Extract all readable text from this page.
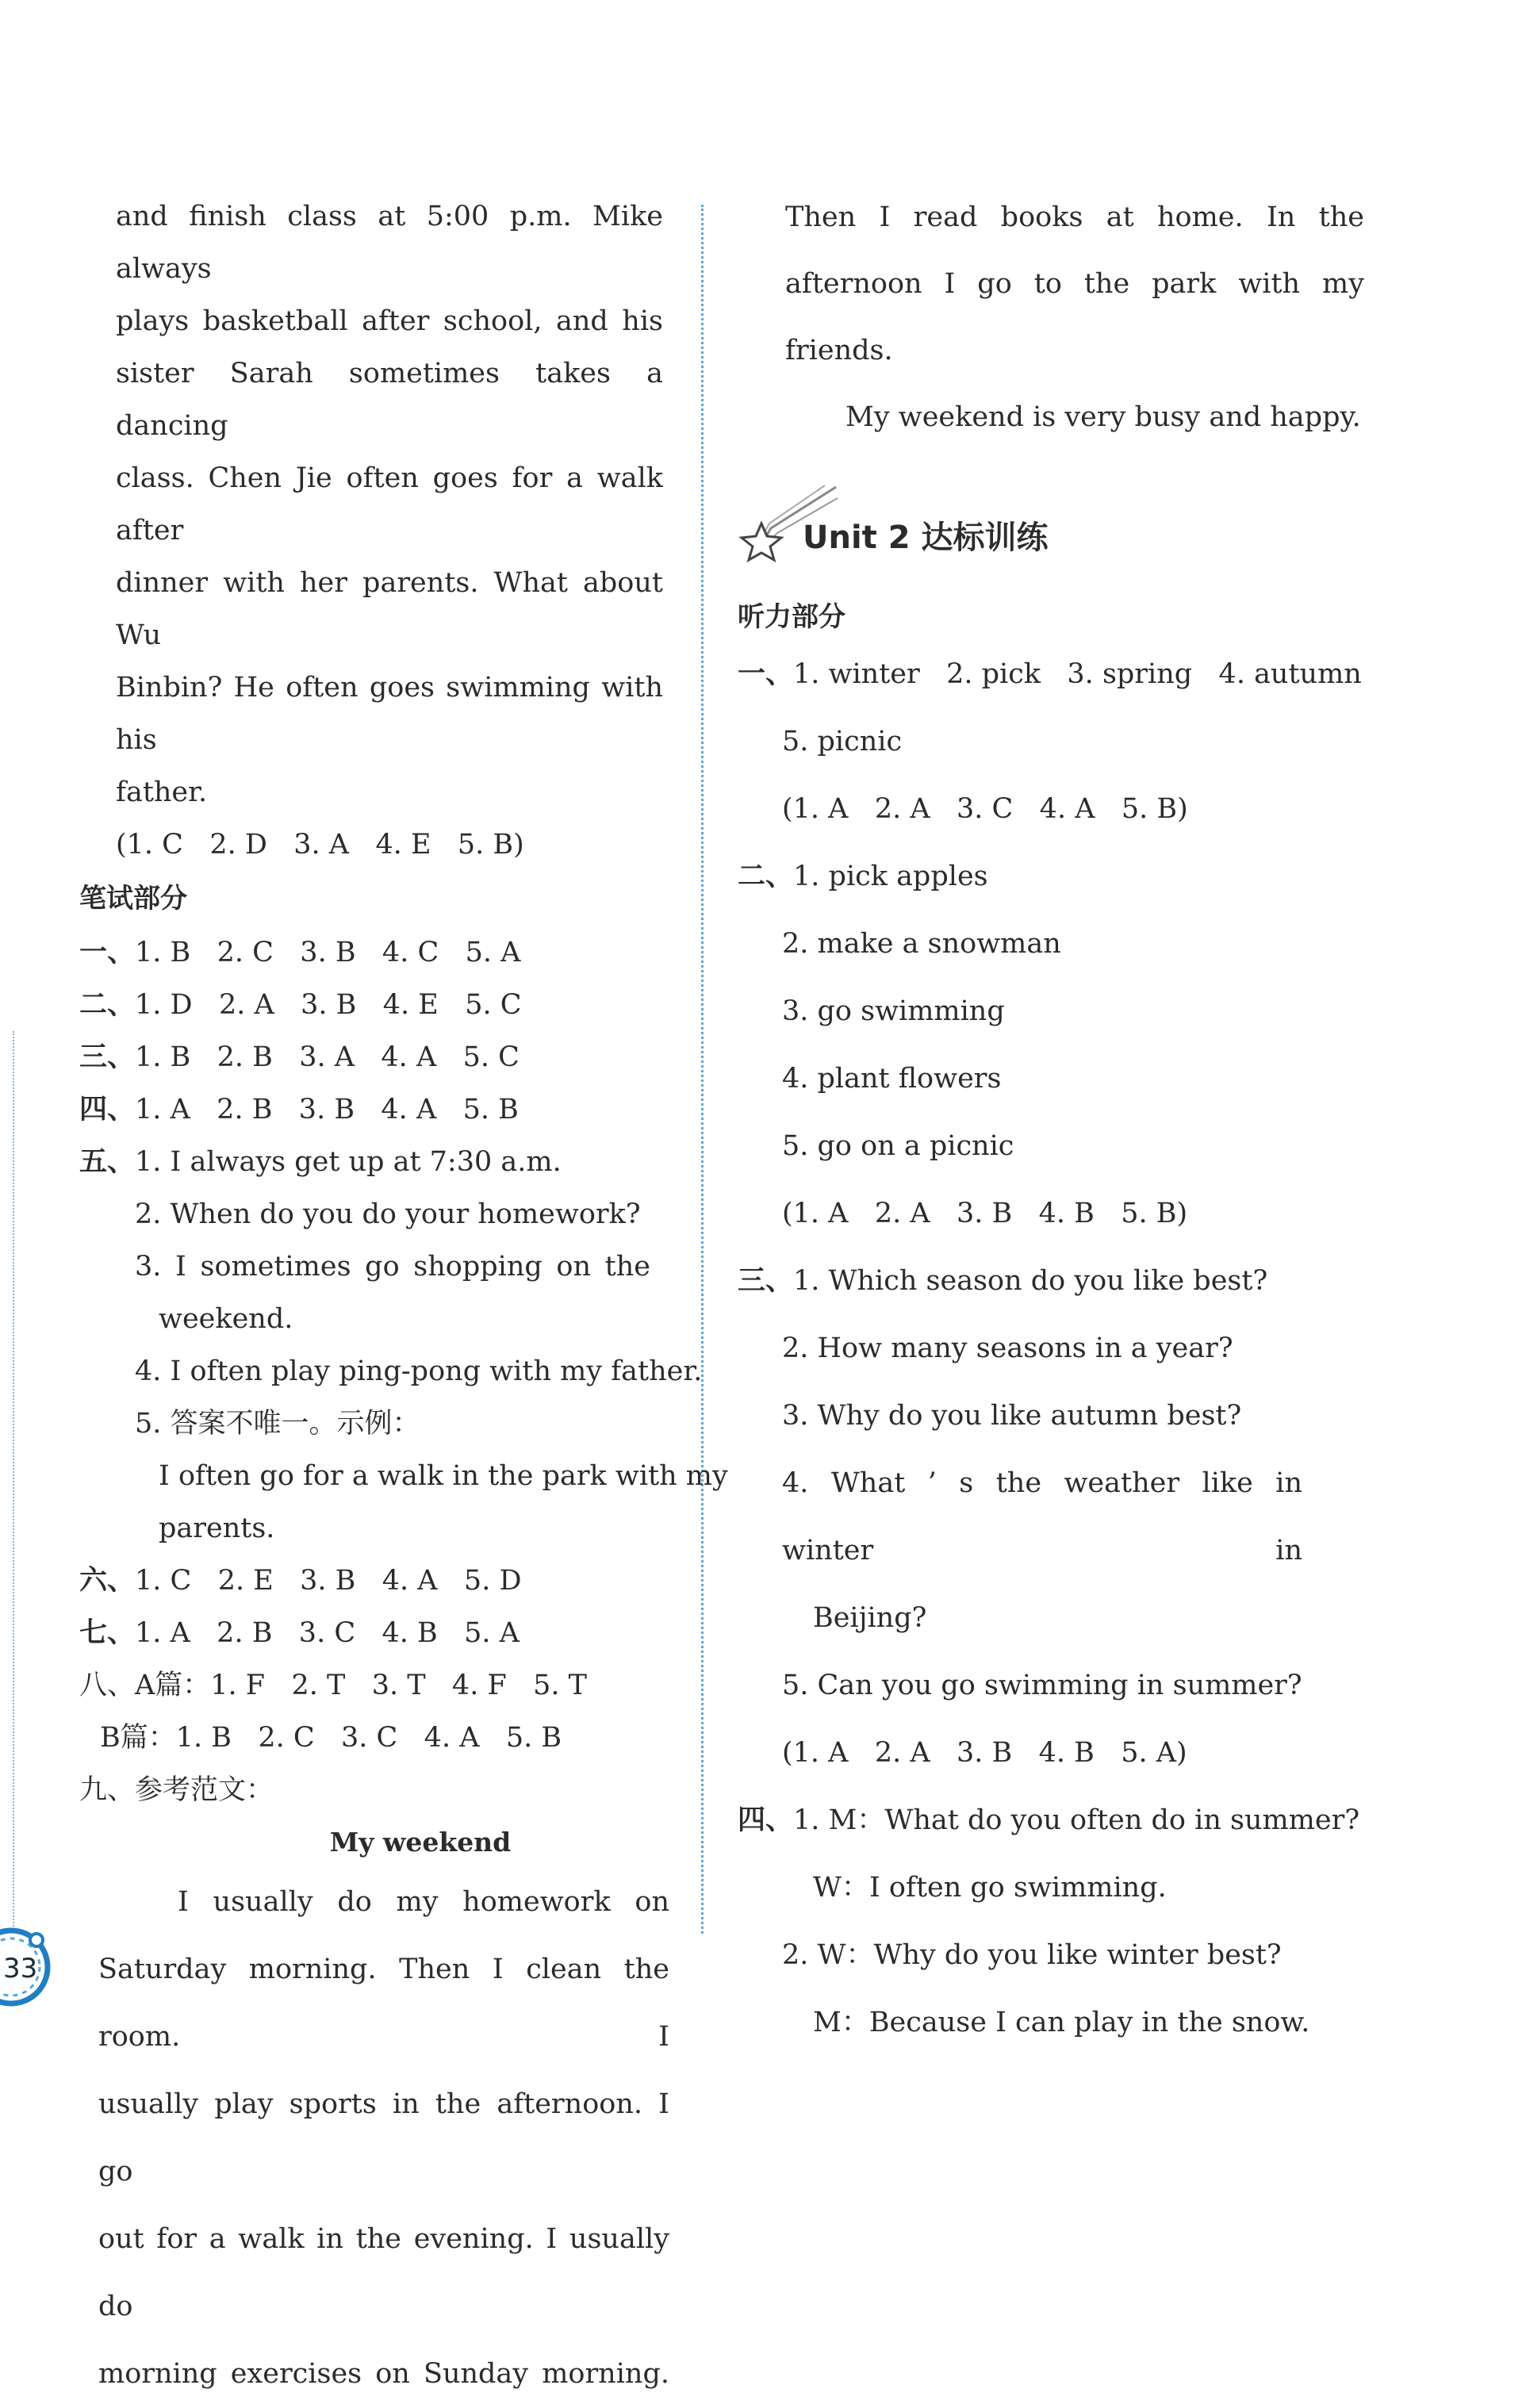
and finish class at 5:00 p.m. Mike always
plays basketball after school, and his
sister Sarah sometimes takes a dancing
class. Chen Jie often goes for a walk after
dinner with her parents. What about Wu
Binbin? He often goes swimming with his
father.
(1. C   2. D   3. A   4. E   5. B)
笔试部分
一、1. B   2. C   3. B   4. C   5. A
二、1. D   2. A   3. B   4. E   5. C
三、1. B   2. B   3. A   4. A   5. C
四、1. A   2. B   3. B   4. A   5. B
五、1. I always get up at 7:30 a.m.
2. When do you do your homework?
3. I sometimes go shopping on the
weekend.
4. I often play ping-pong with my father.
5. 答案不唯一。示例：
I often go for a walk in the park with my
parents.
六、1. C   2. E   3. B   4. A   5. D
七、1. A   2. B   3. C   4. B   5. A
八、A篇：1. F   2. T   3. T   4. F   5. T
B篇：1. B   2. C   3. C   4. A   5. B
九、参考范文：
My weekend
I usually do my homework on
Saturday morning. Then I clean the room. I
usually play sports in the afternoon. I go
out for a walk in the evening. I usually do
morning exercises on Sunday morning.
Then I read books at home. In the
afternoon I go to the park with my friends.
My weekend is very busy and happy.
Unit 2 达标训练
听力部分
一、1. winter   2. pick   3. spring   4. autumn
5. picnic
(1. A   2. A   3. C   4. A   5. B)
二、1. pick apples
2. make a snowman
3. go swimming
4. plant flowers
5. go on a picnic
(1. A   2. A   3. B   4. B   5. B)
三、1. Which season do you like best?
2. How many seasons in a year?
3. Why do you like autumn best?
4. What ’ s the weather like in winter in
Beijing?
5. Can you go swimming in summer?
(1. A   2. A   3. B   4. B   5. A)
四、1. M：What do you often do in summer?
W：I often go swimming.
2. W：Why do you like winter best?
M：Because I can play in the snow.
33
